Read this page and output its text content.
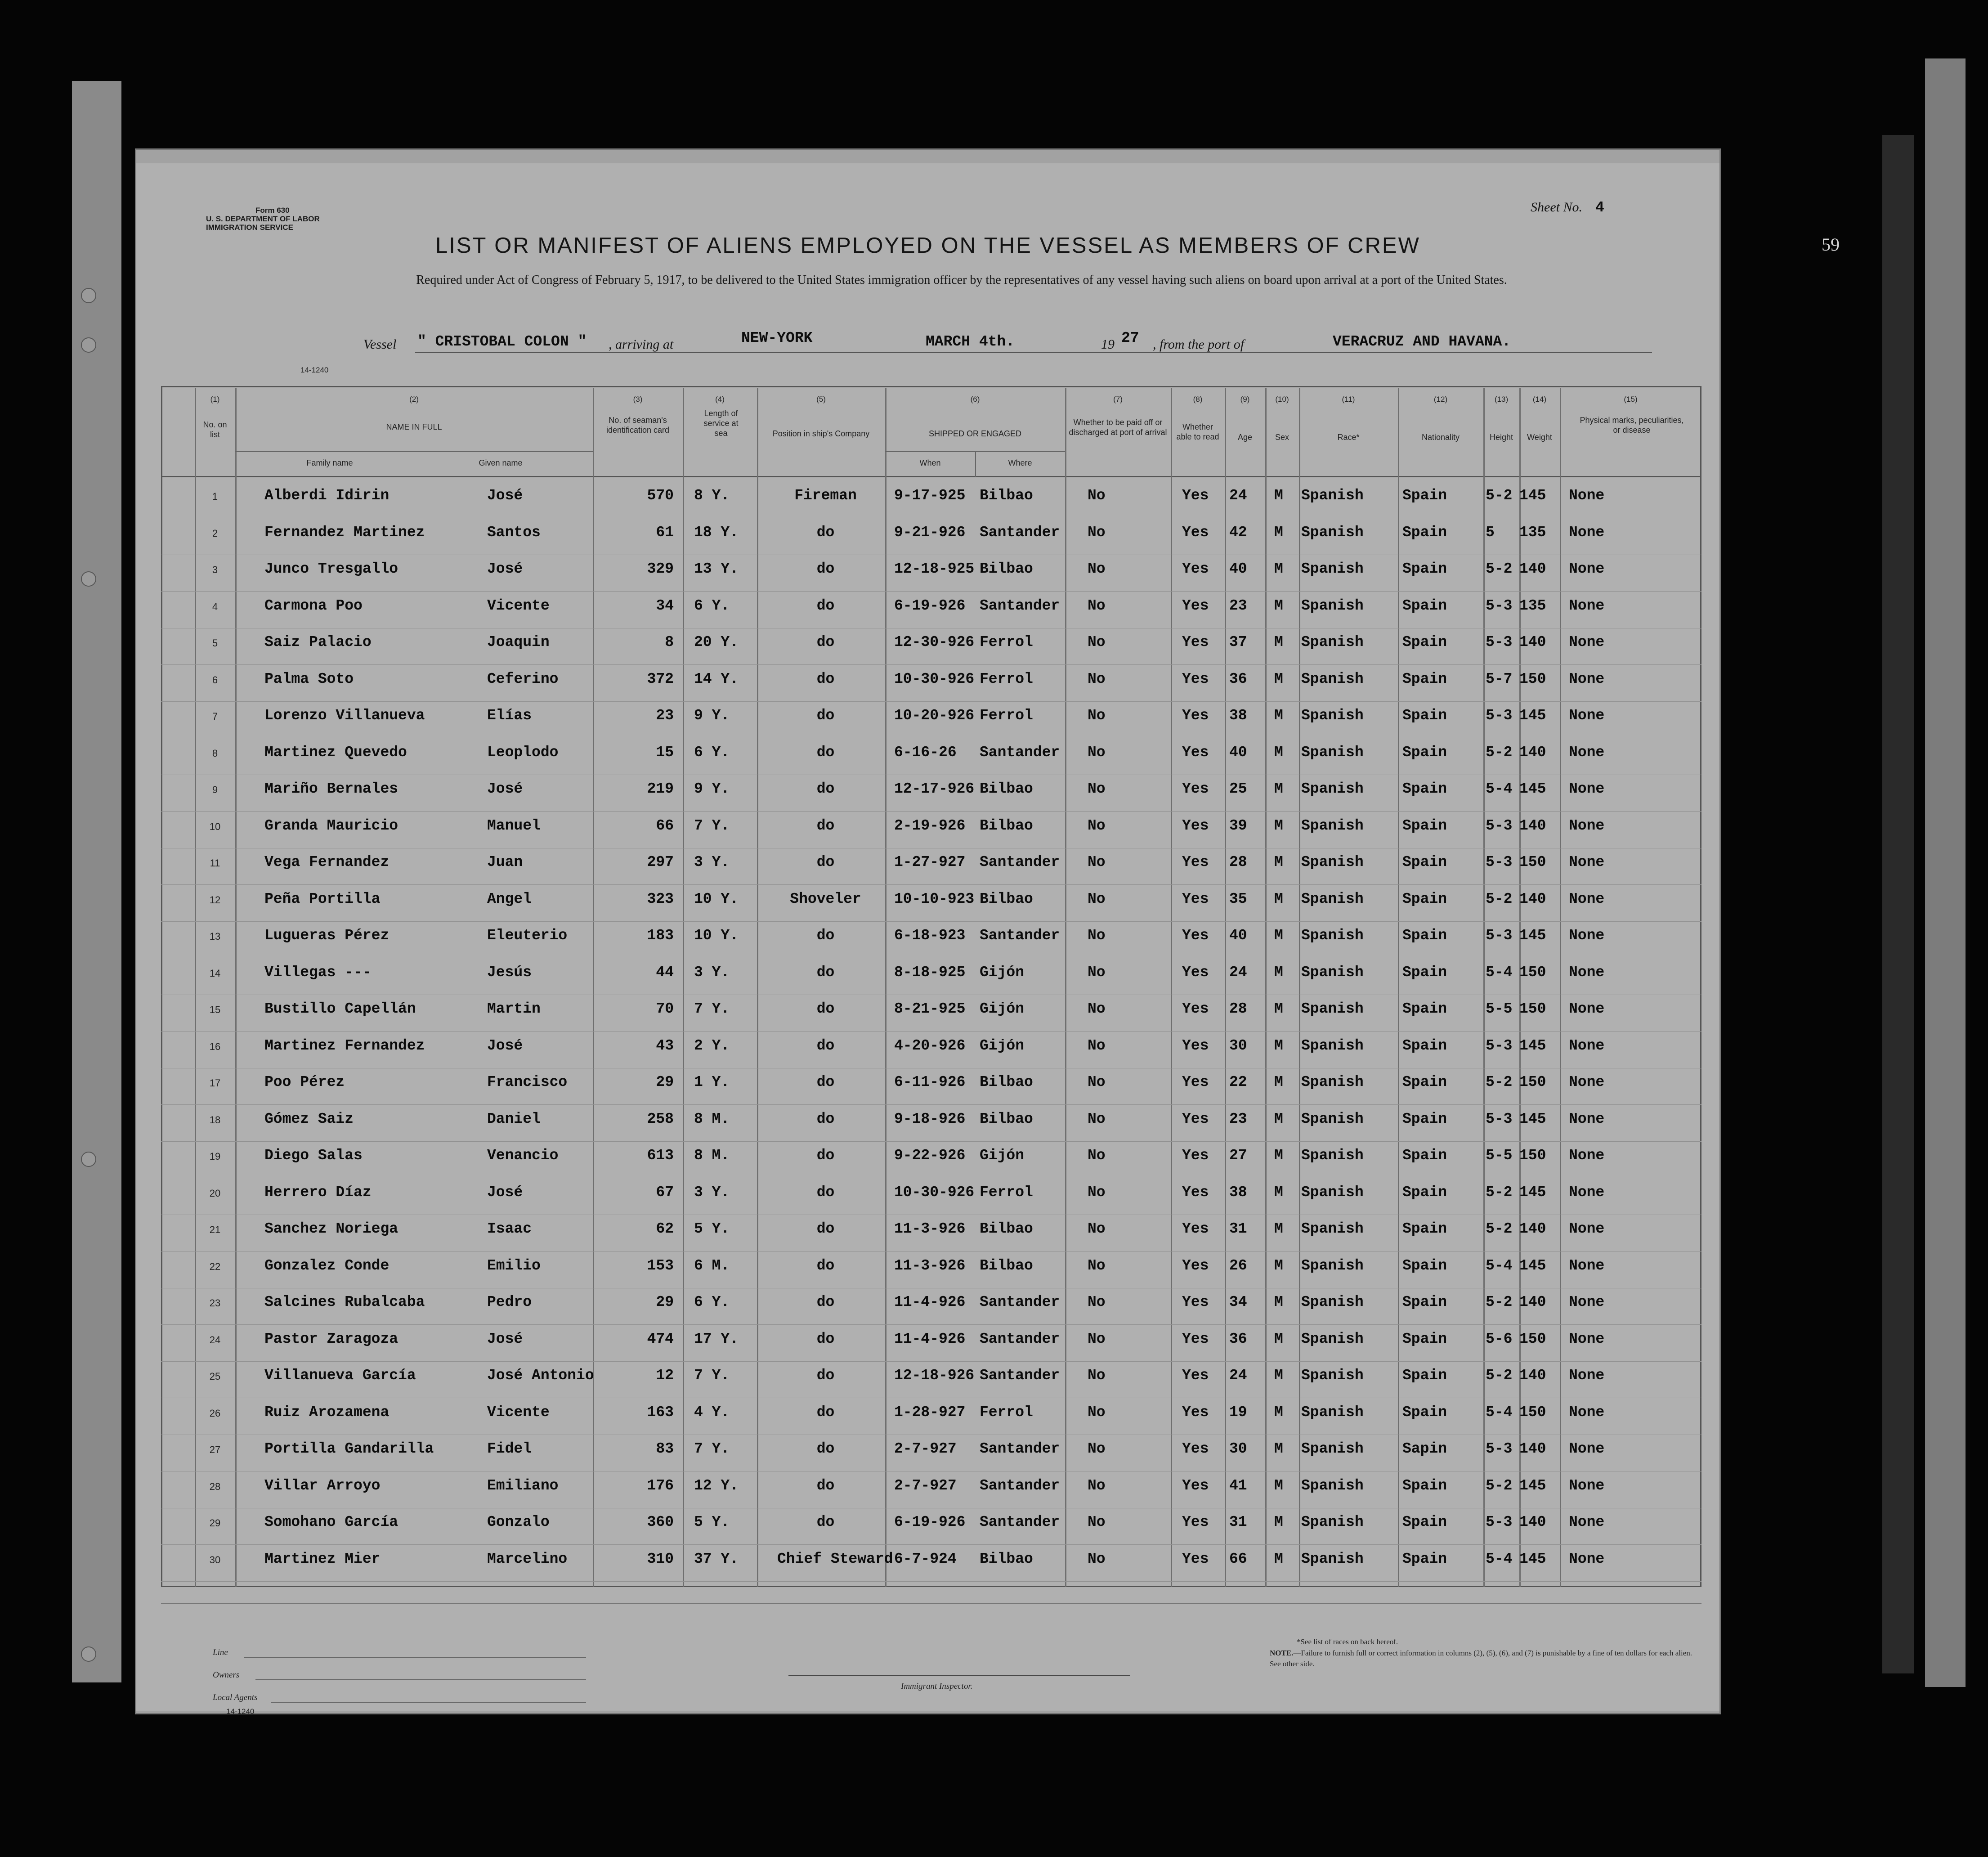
59
Form 630
U. S. DEPARTMENT OF LABOR
IMMIGRATION SERVICE
Sheet No. 4
LIST OR MANIFEST OF ALIENS EMPLOYED ON THE VESSEL AS MEMBERS OF CREW
Required under Act of Congress of February 5, 1917, to be delivered to the United States immigration officer by the representatives of any vessel having such aliens on board upon arrival at a port of the United States.
Vessel " CRISTOBAL COLON " , arriving at	NEW-YORK	MARCH 4th.	19 27 , from the port of	VERACRUZ AND HAVANA.
14-1240
(1)	(2)	(3)	(4)	(5)	(6)	(7)	(8)	(9)	(10)	(11)	(12)	(13)	(14)	(15)
No. on list
NAME IN FULL
Family name	Given name
No. of seaman's identification card
Length of service at sea	Position in ship's Company	SHIPPED OR ENGAGED
When	Where
Whether to be paid off or discharged at port of arrival
Whether able to read	Age	Sex	Race*	Nationality	Height	Weight
Physical marks, peculiarities, or disease
1	Alberdi Idirin	José	570 8 Y.	Fireman	9-17-925 Bilbao	No	Yes 24 M Spanish	Spain	5-2 145 None
2	Fernandez Martinez	Santos	61 18 Y.	do	9-21-926 Santander No	Yes 42 M Spanish	Spain	5 135 None
3	Junco Tresgallo	José	329 13 Y.	do	12-18-925 Bilbao	No	Yes 40 M Spanish	Spain	5-2 140 None
4	Carmona Poo	Vicente	34 6 Y.	do	6-19-926 Santander No	Yes 23 M Spanish	Spain	5-3 135 None
5	Saiz Palacio	Joaquin	8 20 Y.	do	12-30-926 Ferrol	No	Yes 37 M Spanish	Spain	5-3 140 None
6	Palma Soto	Ceferino	372 14 Y.	do	10-30-926 Ferrol	No	Yes 36 M Spanish	Spain	5-7 150 None
7	Lorenzo Villanueva	Elías	23 9 Y.	do	10-20-926 Ferrol	No	Yes 38 M Spanish	Spain	5-3 145 None
8	Martinez Quevedo	Leoplodo	15 6 Y.	do	6-16-26 Santander No	Yes 40 M Spanish	Spain	5-2 140 None
9	Mariño Bernales	José	219 9 Y.	do	12-17-926 Bilbao	No	Yes 25 M Spanish	Spain	5-4 145 None
10	Granda Mauricio	Manuel	66 7 Y.	do	2-19-926 Bilbao	No	Yes 39 M Spanish	Spain	5-3 140 None
11	Vega Fernandez	Juan	297 3 Y.	do	1-27-927 Santander No	Yes 28 M Spanish	Spain	5-3 150 None
12	Peña Portilla	Angel	323 10 Y.	Shoveler	10-10-923 Bilbao	No	Yes 35 M Spanish	Spain	5-2 140 None
13	Lugueras Pérez	Eleuterio	183 10 Y.	do	6-18-923 Santander No	Yes 40 M Spanish	Spain	5-3 145 None
14	Villegas ---	Jesús	44 3 Y.	do	8-18-925 Gijón	No	Yes 24 M Spanish	Spain	5-4 150 None
15	Bustillo Capellán	Martin	70 7 Y.	do	8-21-925 Gijón	No	Yes 28 M Spanish	Spain	5-5 150 None
16	Martinez Fernandez	José	43 2 Y.	do	4-20-926 Gijón	No	Yes 30 M Spanish	Spain	5-3 145 None
17	Poo Pérez	Francisco	29 1 Y.	do	6-11-926 Bilbao	No	Yes 22 M Spanish	Spain	5-2 150 None
18	Gómez Saiz	Daniel	258 8 M.	do	9-18-926 Bilbao	No	Yes 23 M Spanish	Spain	5-3 145 None
19	Diego Salas	Venancio	613 8 M.	do	9-22-926 Gijón	No	Yes 27 M Spanish	Spain	5-5 150 None
20	Herrero Díaz	José	67 3 Y.	do	10-30-926 Ferrol	No	Yes 38 M Spanish	Spain	5-2 145 None
21	Sanchez Noriega	Isaac	62 5 Y.	do	11-3-926 Bilbao	No	Yes 31 M Spanish	Spain	5-2 140 None
22	Gonzalez Conde	Emilio	153 6 M.	do	11-3-926 Bilbao	No	Yes 26 M Spanish	Spain	5-4 145 None
23	Salcines Rubalcaba	Pedro	29 6 Y.	do	11-4-926 Santander No	Yes 34 M Spanish	Spain	5-2 140 None
24	Pastor Zaragoza	José	474 17 Y.	do	11-4-926 Santander No	Yes 36 M Spanish	Spain	5-6 150 None
25	Villanueva García	José Antonio	12 7 Y.	do	12-18-926 Santander No	Yes 24 M Spanish	Spain	5-2 140 None
26	Ruiz Arozamena	Vicente	163 4 Y.	do	1-28-927 Ferrol	No	Yes 19 M Spanish	Spain	5-4 150 None
27	Portilla Gandarilla	Fidel	83 7 Y.	do	2-7-927 Santander No	Yes 30 M Spanish	Sapin	5-3 140 None
28	Villar Arroyo	Emiliano	176 12 Y.	do	2-7-927 Santander No	Yes 41 M Spanish	Spain	5-2 145 None
29	Somohano García	Gonzalo	360 5 Y.	do	6-19-926 Santander No	Yes 31 M Spanish	Spain	5-3 140 None
30	Martinez Mier	Marcelino	310 37 Y.	Chief Steward 6-7-924 Bilbao	No	Yes 66 M Spanish	Spain	5-4 145 None
Line
Owners
Local Agents
14-1240
Immigrant Inspector.
*See list of races on back hereof.
NOTE.—Failure to furnish full or correct information in columns (2), (5), (6), and (7) is punishable by a fine of ten dollars for each alien. See other side.
